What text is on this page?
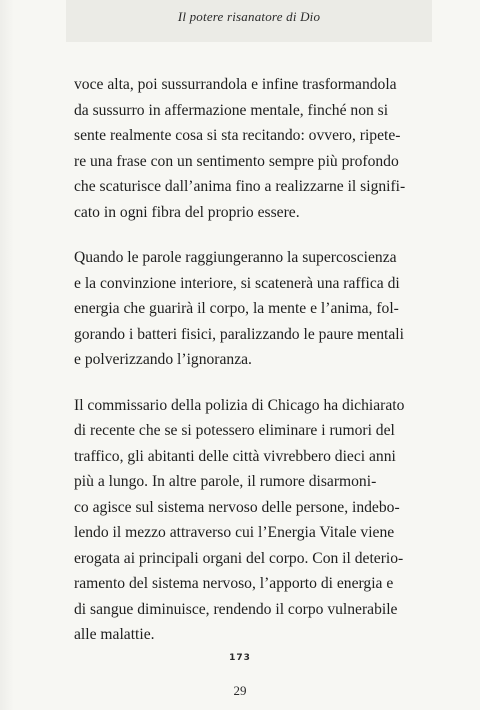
Il potere risanatore di Dio

voce alta, poi sussurrandola e infine trasformandola
da sussurro in affermazione mentale, finché non si
sente realmente cosa si sta recitando: ovvero, ripete-
re una frase con un sentimento sempre più profondo
che scaturisce dall’anima fino a realizzarne il signifi-
cato in ogni fibra del proprio essere.

Quando le parole raggiungeranno la supercoscienza
e la convinzione interiore, si scatenerà una raffica di
energia che guarirà il corpo, la mente e l’anima, fol-
gorando i batteri fisici, paralizzando le paure mentali
e polverizzando l’ignoranza.

Il commissario della polizia di Chicago ha dichiarato
di recente che se si potessero eliminare i rumori del
traffico, gli abitanti delle città vivrebbero dieci anni
più a lungo. In altre parole, il rumore disarmoni-
co agisce sul sistema nervoso delle persone, indebo-
lendo il mezzo attraverso cui l’Energia Vitale viene
erogata ai principali organi del corpo. Con il deterio-
ramento del sistema nervoso, l’apporto di energia e
di sangue diminuisce, rendendo il corpo vulnerabile
alle malattie.

173
29
